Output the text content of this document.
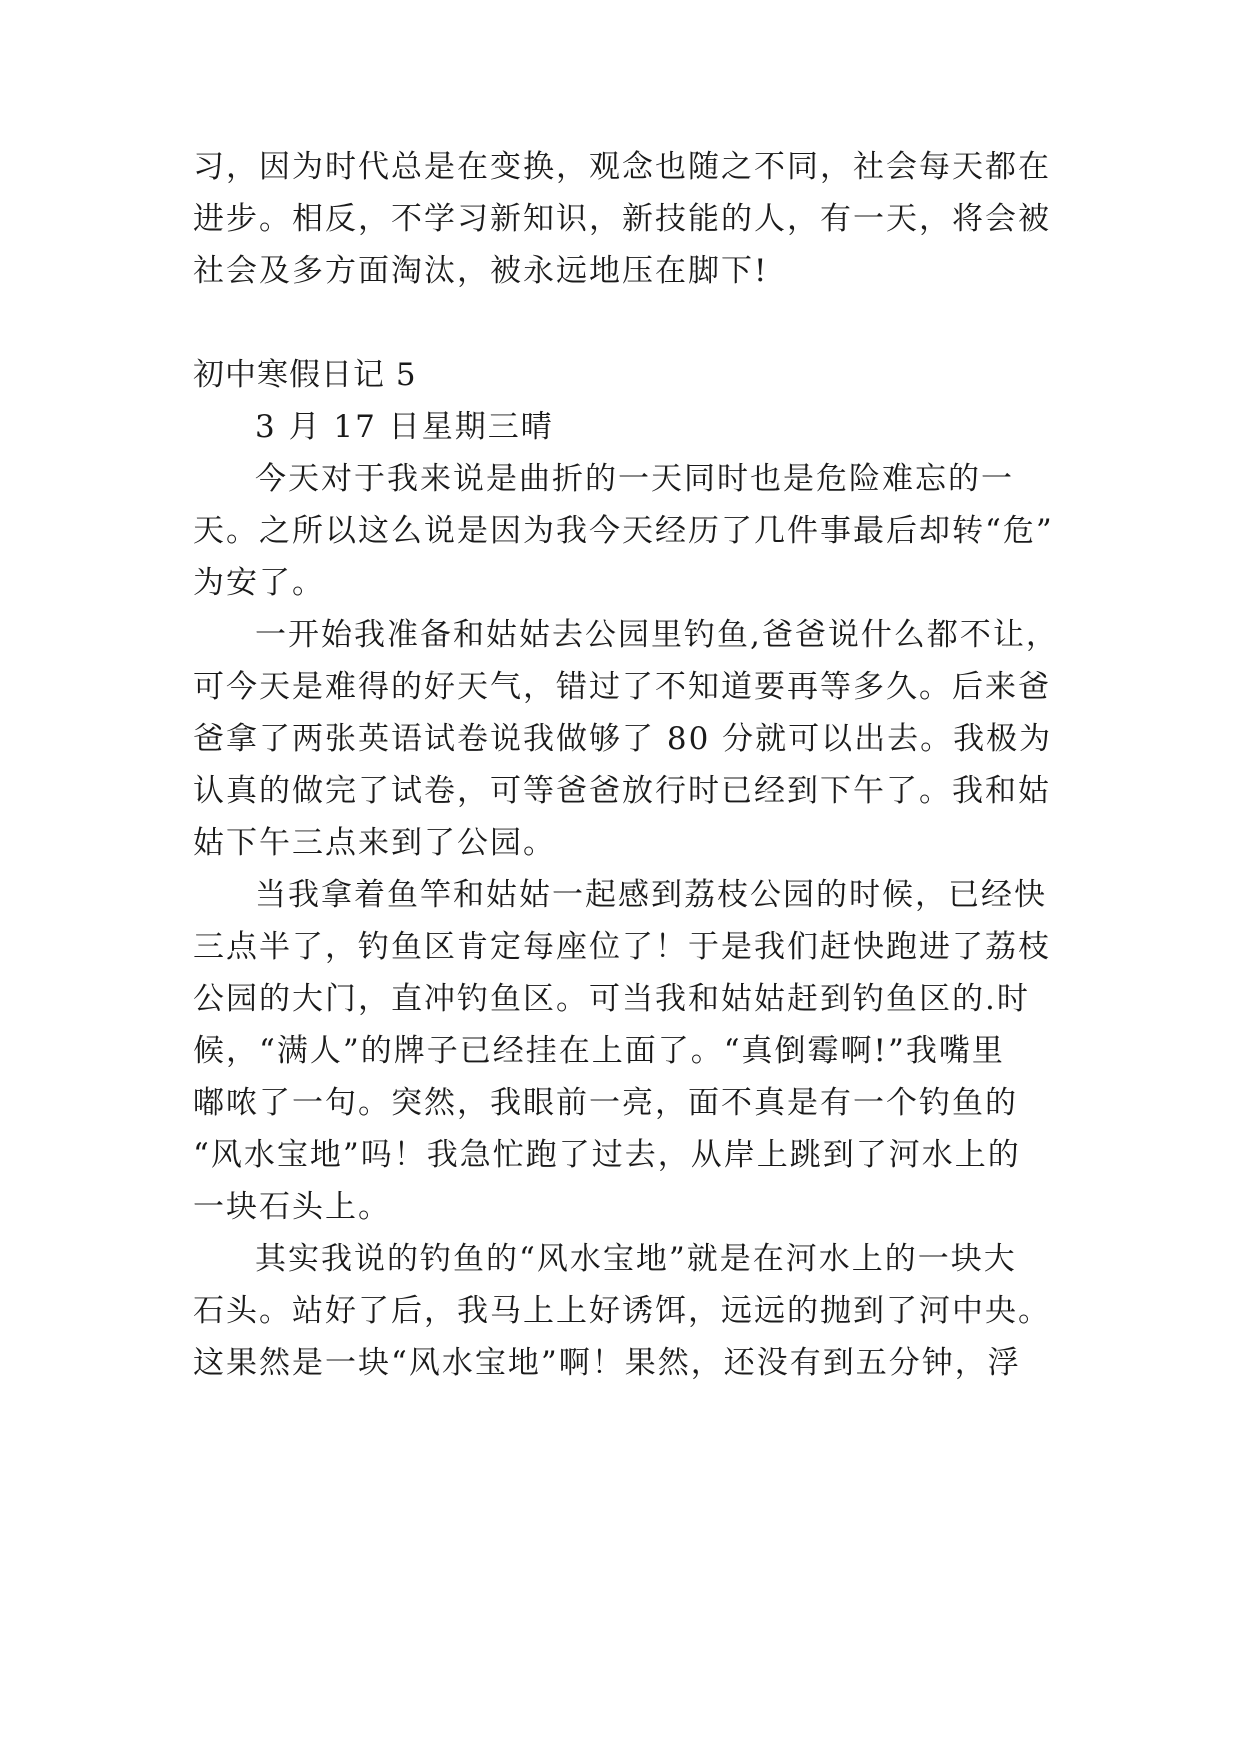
习，因为时代总是在变换，观念也随之不同，社会每天都在
进步。相反，不学习新知识，新技能的人，有一天，将会被
社会及多方面淘汰，被永远地压在脚下!
初中寒假日记 5
3 月 17 日星期三晴
今天对于我来说是曲折的一天同时也是危险难忘的一
天。之所以这么说是因为我今天经历了几件事最后却转“危”
为安了。
一开始我准备和姑姑去公园里钓鱼,爸爸说什么都不让，
可今天是难得的好天气，错过了不知道要再等多久。后来爸
爸拿了两张英语试卷说我做够了 80 分就可以出去。我极为
认真的做完了试卷，可等爸爸放行时已经到下午了。我和姑
姑下午三点来到了公园。
当我拿着鱼竿和姑姑一起感到荔枝公园的时候，已经快
三点半了，钓鱼区肯定每座位了！于是我们赶快跑进了荔枝
公园的大门，直冲钓鱼区。可当我和姑姑赶到钓鱼区的.时
候，“满人”的牌子已经挂在上面了。“真倒霉啊!”我嘴里
嘟哝了一句。突然，我眼前一亮，面不真是有一个钓鱼的
“风水宝地”吗！我急忙跑了过去，从岸上跳到了河水上的
一块石头上。
其实我说的钓鱼的“风水宝地”就是在河水上的一块大
石头。站好了后，我马上上好诱饵，远远的抛到了河中央。
这果然是一块“风水宝地”啊！果然，还没有到五分钟，浮
